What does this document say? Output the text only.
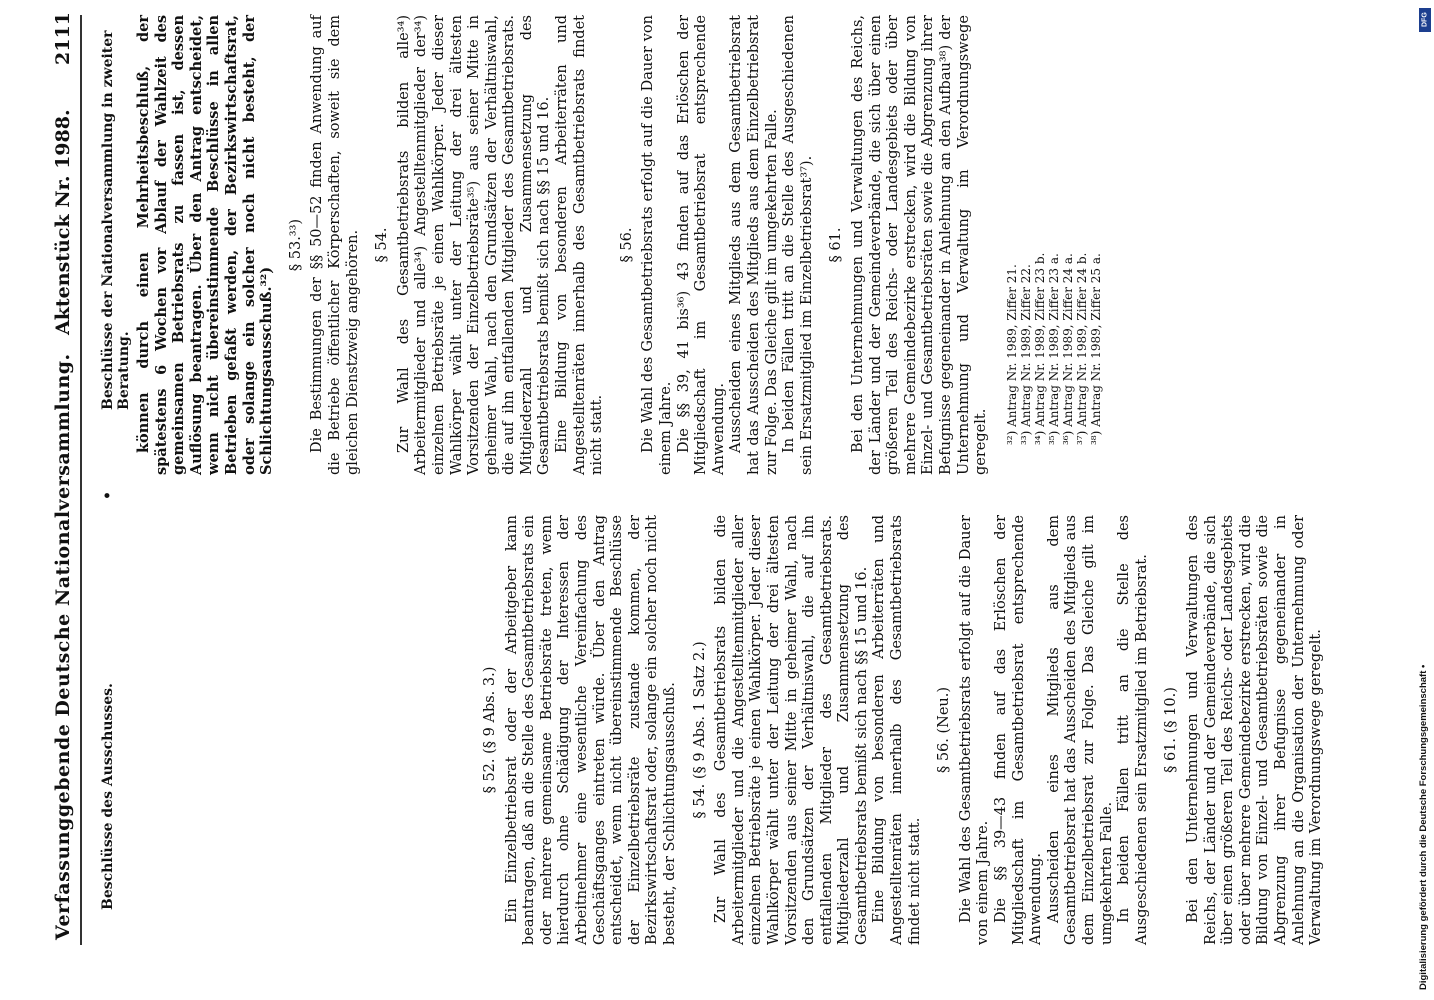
Verfassunggebende Deutsche Nationalversammlung.
Aktenstück Nr. 1988.
2111
Beschlüsse des Ausschusses.
•
Beschlüsse der Nationalversammlung in zweiter Beratung.

§ 52. (§ 9 Abs. 3.) Ein Einzelbetriebsrat oder der Arbeitgeber kann beantragen, daß an die Stelle des Gesamtbetriebsrats ein oder mehrere gemeinsame Betriebsräte treten, wenn hierdurch ohne Schädigung der Interessen der Arbeitnehmer eine wesentliche Vereinfachung des Geschäftsganges eintreten würde. Über den Antrag entscheidet, wenn nicht übereinstimmende Beschlüsse der Einzelbetriebsräte zustande kommen, der Bezirkswirtschaftsrat oder, solange ein solcher noch nicht besteht, der Schlichtungsausschuß. § 54. (§ 9 Abs. 1 Satz 2.) Zur Wahl des Gesamtbetriebsrats bilden die Arbeitermitglieder und die Angestelltenmitglieder aller einzelnen Betriebsräte je einen Wahlkörper. Jeder dieser Wahlkörper wählt unter der Leitung der drei ältesten Vorsitzenden aus seiner Mitte in geheimer Wahl, nach den Grundsätzen der Verhältniswahl, die auf ihn entfallenden Mitglieder des Gesamtbetriebsrats. Mitgliederzahl und Zusammensetzung des Gesamtbetriebsrats bemißt sich nach §§ 15 und 16. Eine Bildung von besonderen Arbeiterräten und Angestelltenräten innerhalb des Gesamtbetriebsrats findet nicht statt.

§ 56. (Neu.) Die Wahl des Gesamtbetriebsrats erfolgt auf die Dauer von einem Jahre. Die §§ 39—43 finden auf das Erlöschen der Mitgliedschaft im Gesamtbetriebsrat entsprechende Anwendung. Ausscheiden eines Mitglieds aus dem Gesamtbetriebsrat hat das Ausscheiden des Mitglieds aus dem Einzelbetriebsrat zur Folge. Das Gleiche gilt im umgekehrten Falle. In beiden Fällen tritt an die Stelle des Ausgeschiedenen sein Ersatzmitglied im Betriebsrat. § 61. (§ 10.) Bei den Unternehmungen und Verwaltungen des Reichs, der Länder und der Gemeindeverbände, die sich über einen größeren Teil des Reichs- oder Landesgebiets oder über mehrere Gemeindebezirke erstrecken, wird die Bildung von Einzel- und Gesamtbetriebsräten sowie die Abgrenzung ihrer Befugnisse gegeneinander in Anlehnung an die Organisation der Unternehmung oder Verwaltung im Verordnungswege geregelt.

können durch einen Mehrheitsbeschluß, der spätestens 6 Wochen vor Ablauf der Wahlzeit des gemeinsamen Betriebsrats zu fassen ist, dessen Auflösung beantragen. Über den Antrag entscheidet, wenn nicht übereinstimmende Beschlüsse in allen Betrieben gefaßt werden, der Bezirkswirtschaftsrat, oder solange ein solcher noch nicht besteht, der Schlichtungsausschuß.³²)

§ 53.³³) Die Bestimmungen der §§ 50—52 finden Anwendung auf die Betriebe öffentlicher Körperschaften, soweit sie dem gleichen Dienstzweig angehören. § 54. Zur Wahl des Gesamtbetriebsrats bilden alle³⁴) Arbeitermitglieder und alle³⁴) Angestelltenmitglieder der³⁴) einzelnen Betriebsräte je einen Wahlkörper. Jeder dieser Wahlkörper wählt unter der Leitung der drei ältesten Vorsitzenden der Einzelbetriebsräte³⁵) aus seiner Mitte in geheimer Wahl, nach den Grundsätzen der Verhältniswahl, die auf ihn entfallenden Mitglieder des Gesamtbetriebsrats. Mitgliederzahl und Zusammensetzung des Gesamtbetriebsrats bemißt sich nach §§ 15 und 16. Eine Bildung von besonderen Arbeiterräten und Angestelltenräten innerhalb des Gesamtbetriebsrats findet nicht statt.

§ 56. Die Wahl des Gesamtbetriebsrats erfolgt auf die Dauer von einem Jahre. Die §§ 39, 41 bis³⁶) 43 finden auf das Erlöschen der Mitgliedschaft im Gesamtbetriebsrat entsprechende Anwendung. Ausscheiden eines Mitglieds aus dem Gesamtbetriebsrat hat das Ausscheiden des Mitglieds aus dem Einzelbetriebsrat zur Folge. Das Gleiche gilt im umgekehrten Falle. In beiden Fällen tritt an die Stelle des Ausgeschiedenen sein Ersatzmitglied im Einzelbetriebsrat³⁷). § 61. Bei den Unternehmungen und Verwaltungen des Reichs, der Länder und der Gemeindeverbände, die sich über einen größeren Teil des Reichs- oder Landesgebiets oder über mehrere Gemeindebezirke erstrecken, wird die Bildung von Einzel- und Gesamtbetriebsräten sowie die Abgrenzung ihrer Befugnisse gegeneinander in Anlehnung an den Aufbau³⁸) der Unternehmung und Verwaltung im Verordnungswege geregelt. ³²) Antrag Nr. 1989, Ziffer 21. ³³) Antrag Nr. 1989, Ziffer 22. ³⁴) Antrag Nr. 1989, Ziffer 23 b. ³⁵) Antrag Nr. 1989, Ziffer 23 a. ³⁶) Antrag Nr. 1989, Ziffer 24 a. ³⁷) Antrag Nr. 1989, Ziffer 24 b. ³⁸) Antrag Nr. 1989, Ziffer 25 a.

DFG
Digitalisierung gefördert durch die Deutsche Forschungsgemeinschaft •
